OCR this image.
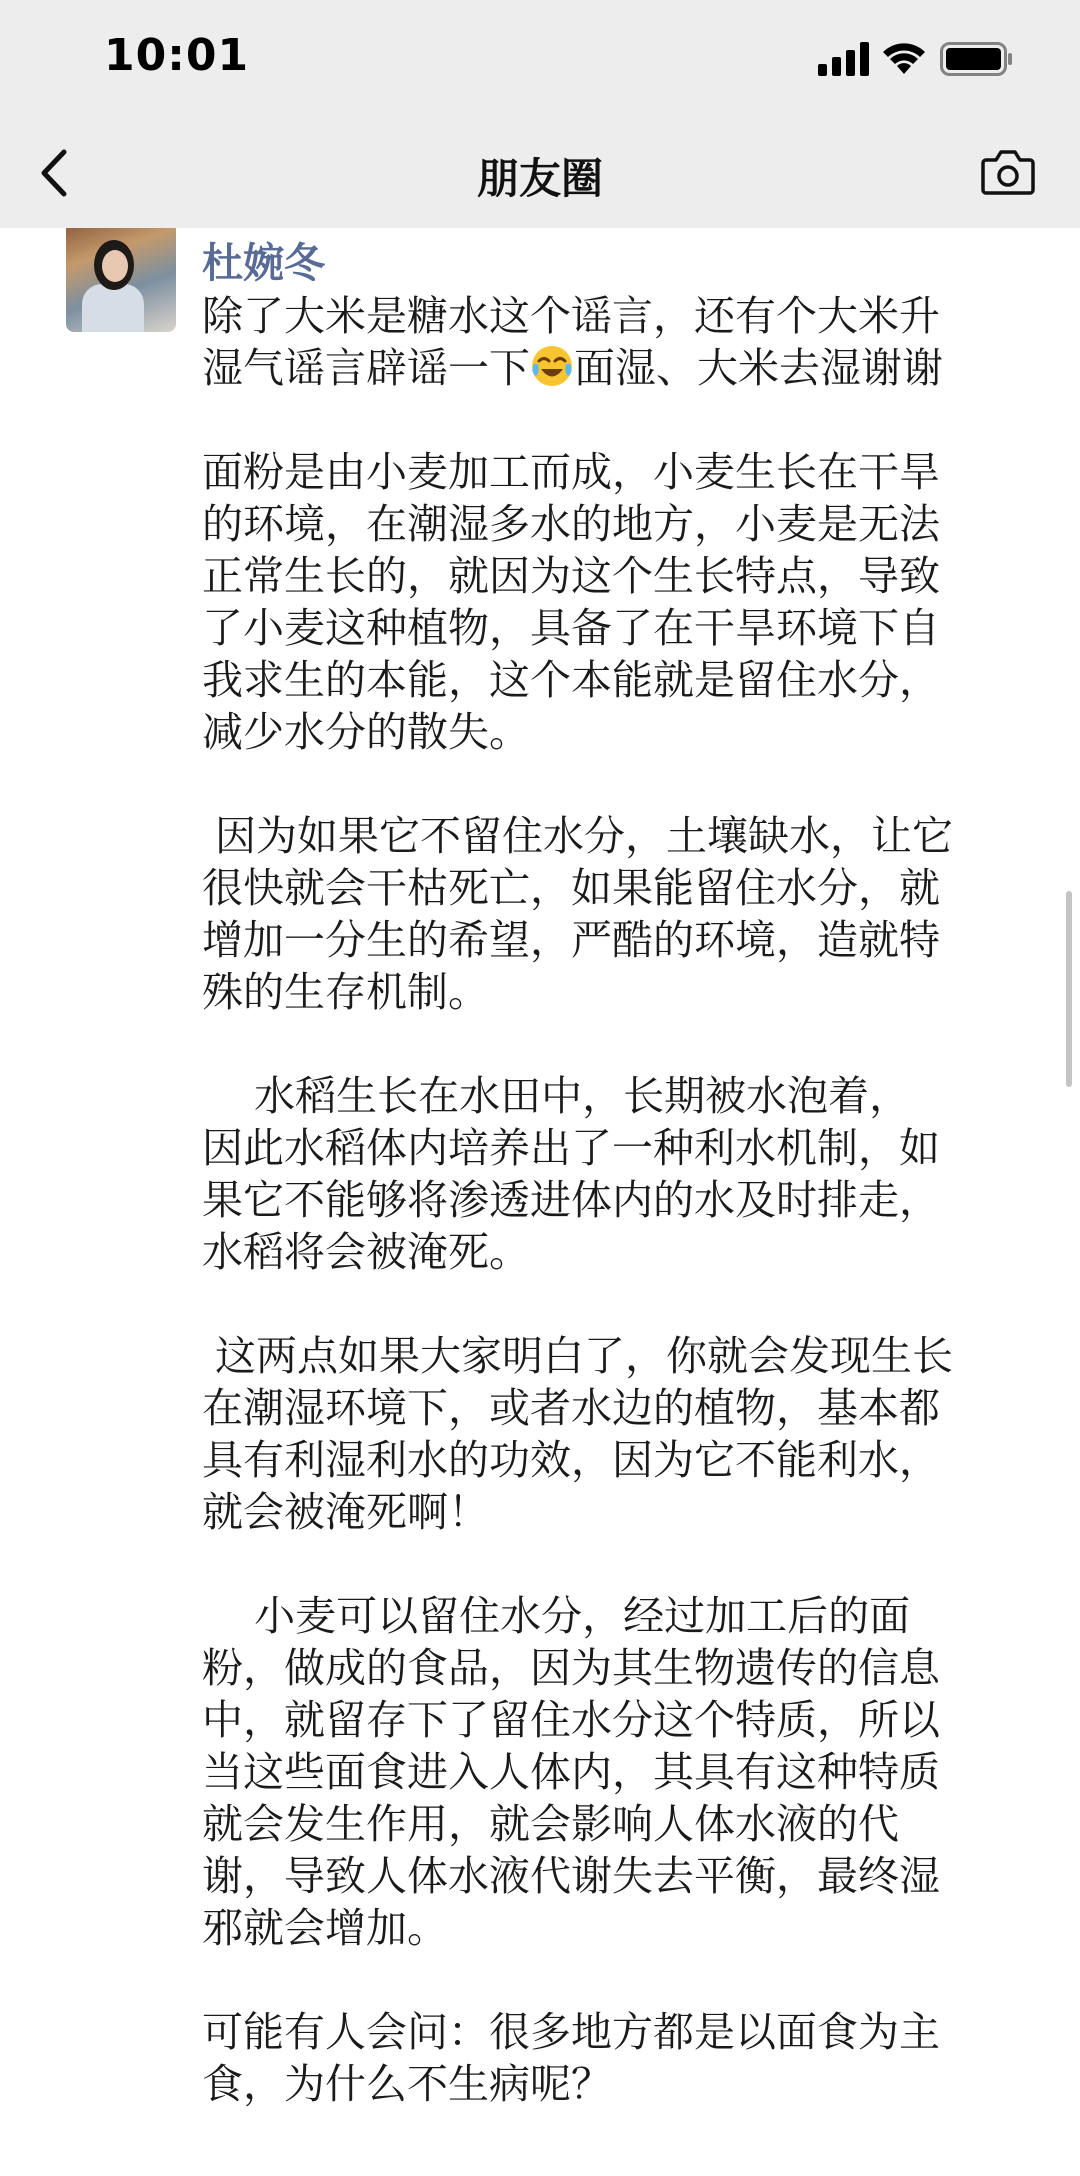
10:01
朋友圈
杜婉冬

除了大米是糖水这个谣言，还有个大米升

湿气谣言辟谣一下 面湿、大米去湿谢谢

面粉是由小麦加工而成，小麦生长在干旱

的环境，在潮湿多水的地方，小麦是无法

正常生长的，就因为这个生长特点，导致

了小麦这种植物，具备了在干旱环境下自

我求生的本能，这个本能就是留住水分，

减少水分的散失。

因为如果它不留住水分，土壤缺水，让它

很快就会干枯死亡，如果能留住水分，就

增加一分生的希望，严酷的环境，造就特

殊的生存机制。

水稻生长在水田中，长期被水泡着，

因此水稻体内培养出了一种利水机制，如

果它不能够将渗透进体内的水及时排走，

水稻将会被淹死。

这两点如果大家明白了，你就会发现生长

在潮湿环境下，或者水边的植物，基本都

具有利湿利水的功效，因为它不能利水，

就会被淹死啊！

小麦可以留住水分，经过加工后的面

粉，做成的食品，因为其生物遗传的信息

中，就留存下了留住水分这个特质，所以

当这些面食进入人体内，其具有这种特质

就会发生作用，就会影响人体水液的代

谢，导致人体水液代谢失去平衡，最终湿

邪就会增加。

可能有人会问：很多地方都是以面食为主

食，为什么不生病呢？
